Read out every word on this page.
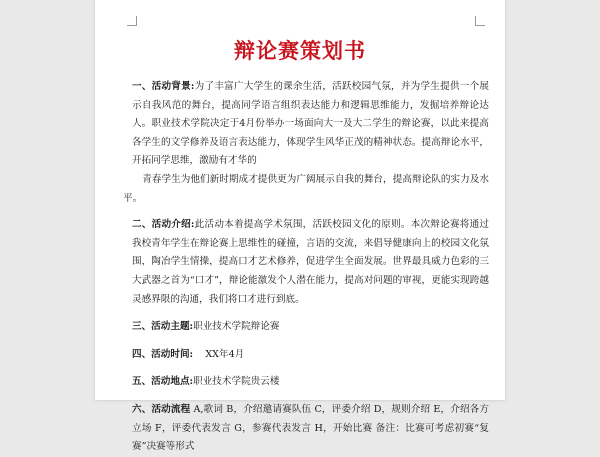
辩论赛策划书

一、活动背景:为了丰富广大学生的课余生活，活跃校园气氛，并为学生提供一个展示自我风范的舞台，提高同学语言组织表达能力和逻辑思维能力，发掘培养辩论达人。职业技术学院决定于4月份举办一场面向大一及大二学生的辩论赛，以此来提高各学生的文学修养及语言表达能力，体现学生风华正茂的精神状态。提高辩论水平，开拓同学思维，激励有才华的

青春学生为他们新时期成才提供更为广阔展示自我的舞台，提高辩论队的实力及水平。

二、活动介绍:此活动本着提高学术氛围，活跃校园文化的原则。本次辩论赛将通过我校青年学生在辩论赛上思维性的碰撞，言语的交流，来倡导健康向上的校园文化氛围，陶冶学生情操，提高口才艺术修养，促进学生全面发展。世界最具威力色彩的三大武器之首为“口才”，辩论能激发个人潜在能力，提高对问题的审视，更能实现跨越灵感界限的沟通，我们将口才进行到底。

三、活动主题:职业技术学院辩论赛

四、活动时间: XX年4月

五、活动地点:职业技术学院贵云楼

六、活动流程 A,歌词 B，介绍邀请赛队伍 C，评委介绍 D，规则介绍 E，介绍各方立场 F，评委代表发言 G，参赛代表发言 H，开始比赛 备注：比赛可考虑初赛“复赛”决赛等形式
